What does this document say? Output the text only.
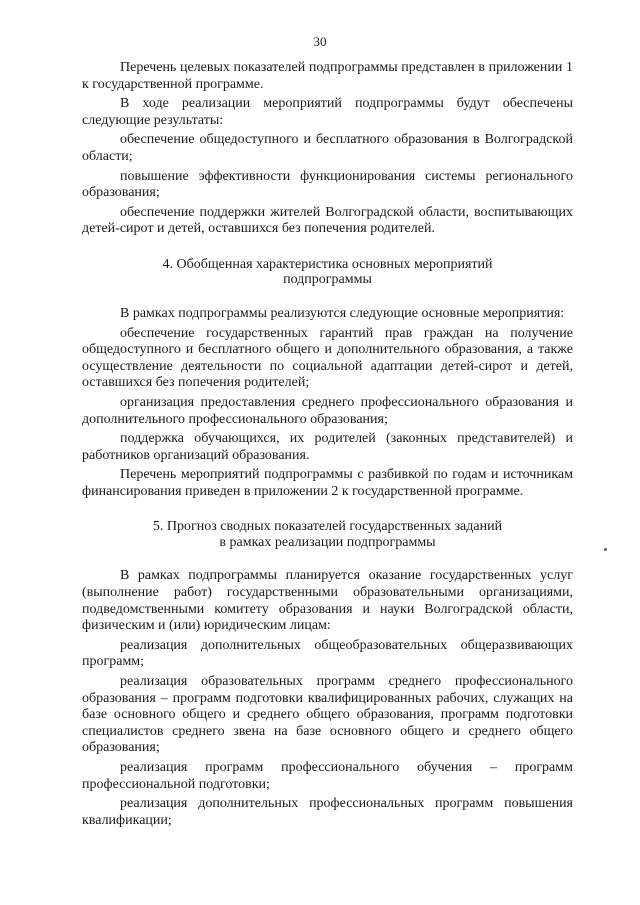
30

Перечень целевых показателей подпрограммы представлен в приложении 1 к государственной программе.

В ходе реализации мероприятий подпрограммы будут обеспечены следующие результаты:

обеспечение общедоступного и бесплатного образования в Волгоградской области;

повышение эффективности функционирования системы регионального образования;

обеспечение поддержки жителей Волгоградской области, воспитывающих детей-сирот и детей, оставшихся без попечения родителей.

4. Обобщенная характеристика основных мероприятий

подпрограммы

В рамках подпрограммы реализуются следующие основные мероприятия:

обеспечение государственных гарантий прав граждан на получение общедоступного и бесплатного общего и дополнительного образования, а также осуществление деятельности по социальной адаптации детей-сирот и детей, оставшихся без попечения родителей;

организация предоставления среднего профессионального образования и дополнительного профессионального образования;

поддержка обучающихся, их родителей (законных представителей) и работников организаций образования.

Перечень мероприятий подпрограммы с разбивкой по годам и источникам финансирования приведен в приложении 2 к государственной программе.

5. Прогноз сводных показателей государственных заданий

в рамках реализации подпрограммы

В рамках подпрограммы планируется оказание государственных услуг (выполнение работ) государственными образовательными организациями, подведомственными комитету образования и науки Волгоградской области, физическим и (или) юридическим лицам:

реализация дополнительных общеобразовательных общеразвивающих программ;

реализация образовательных программ среднего профессионального образования – программ подготовки квалифицированных рабочих, служащих на базе основного общего и среднего общего образования, программ подготовки специалистов среднего звена на базе основного общего и среднего общего образования;

реализация программ профессионального обучения – программ профессиональной подготовки;

реализация дополнительных профессиональных программ повышения квалификации;
